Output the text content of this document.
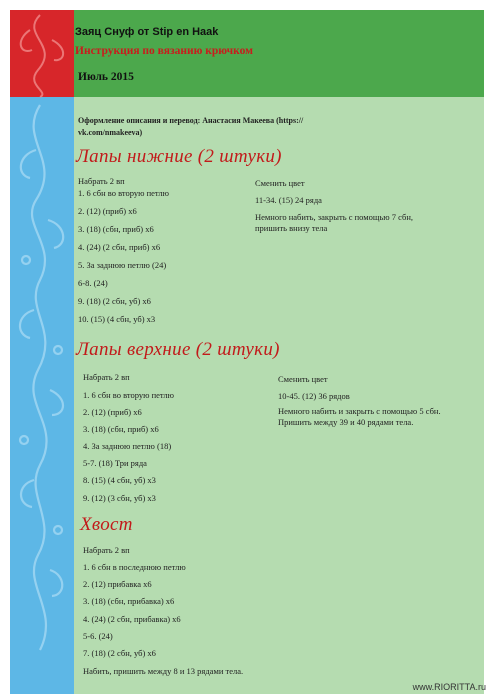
Заяц Снуф от Stip en Haak
Инструкция по вязанию крючком
Июль 2015
Оформление описания и перевод: Анастасия Макеева (https:// vk.com/nmakeeva)
Лапы нижние (2 штуки)
Набрать 2 вп
1. 6 сбн во вторую петлю
2. (12) (приб) х6
3. (18) (сбн, приб) х6
4. (24) (2 сбн, приб) х6
5. За заднюю петлю (24)
6-8. (24)
9. (18) (2 сбн, уб) х6
10. (15) (4 сбн, уб) х3
Сменить цвет
11-34. (15) 24 ряда
Немного набить, закрыть с помощью 7 сбн, пришить внизу тела
Лапы верхние (2 штуки)
Набрать 2 вп
1. 6 сбн во вторую петлю
2. (12) (приб) х6
3. (18) (сбн, приб) х6
4. За заднюю петлю (18)
5-7. (18) Три ряда
8. (15) (4 сбн, уб) х3
9. (12) (3 сбн, уб) х3
Сменить цвет
10-45. (12) 36 рядов
Немного набить и закрыть с помощью 5 сбн. Пришить между 39 и 40 рядами тела.
Хвост
Набрать 2 вп
1. 6 сбн в последнюю петлю
2. (12) прибавка х6
3. (18) (сбн, прибавка) х6
4. (24) (2 сбн, прибавка) х6
5-6. (24)
7. (18) (2 сбн, уб) х6
Набить, пришить между 8 и 13 рядами тела.
www.RIORITTA.ru
